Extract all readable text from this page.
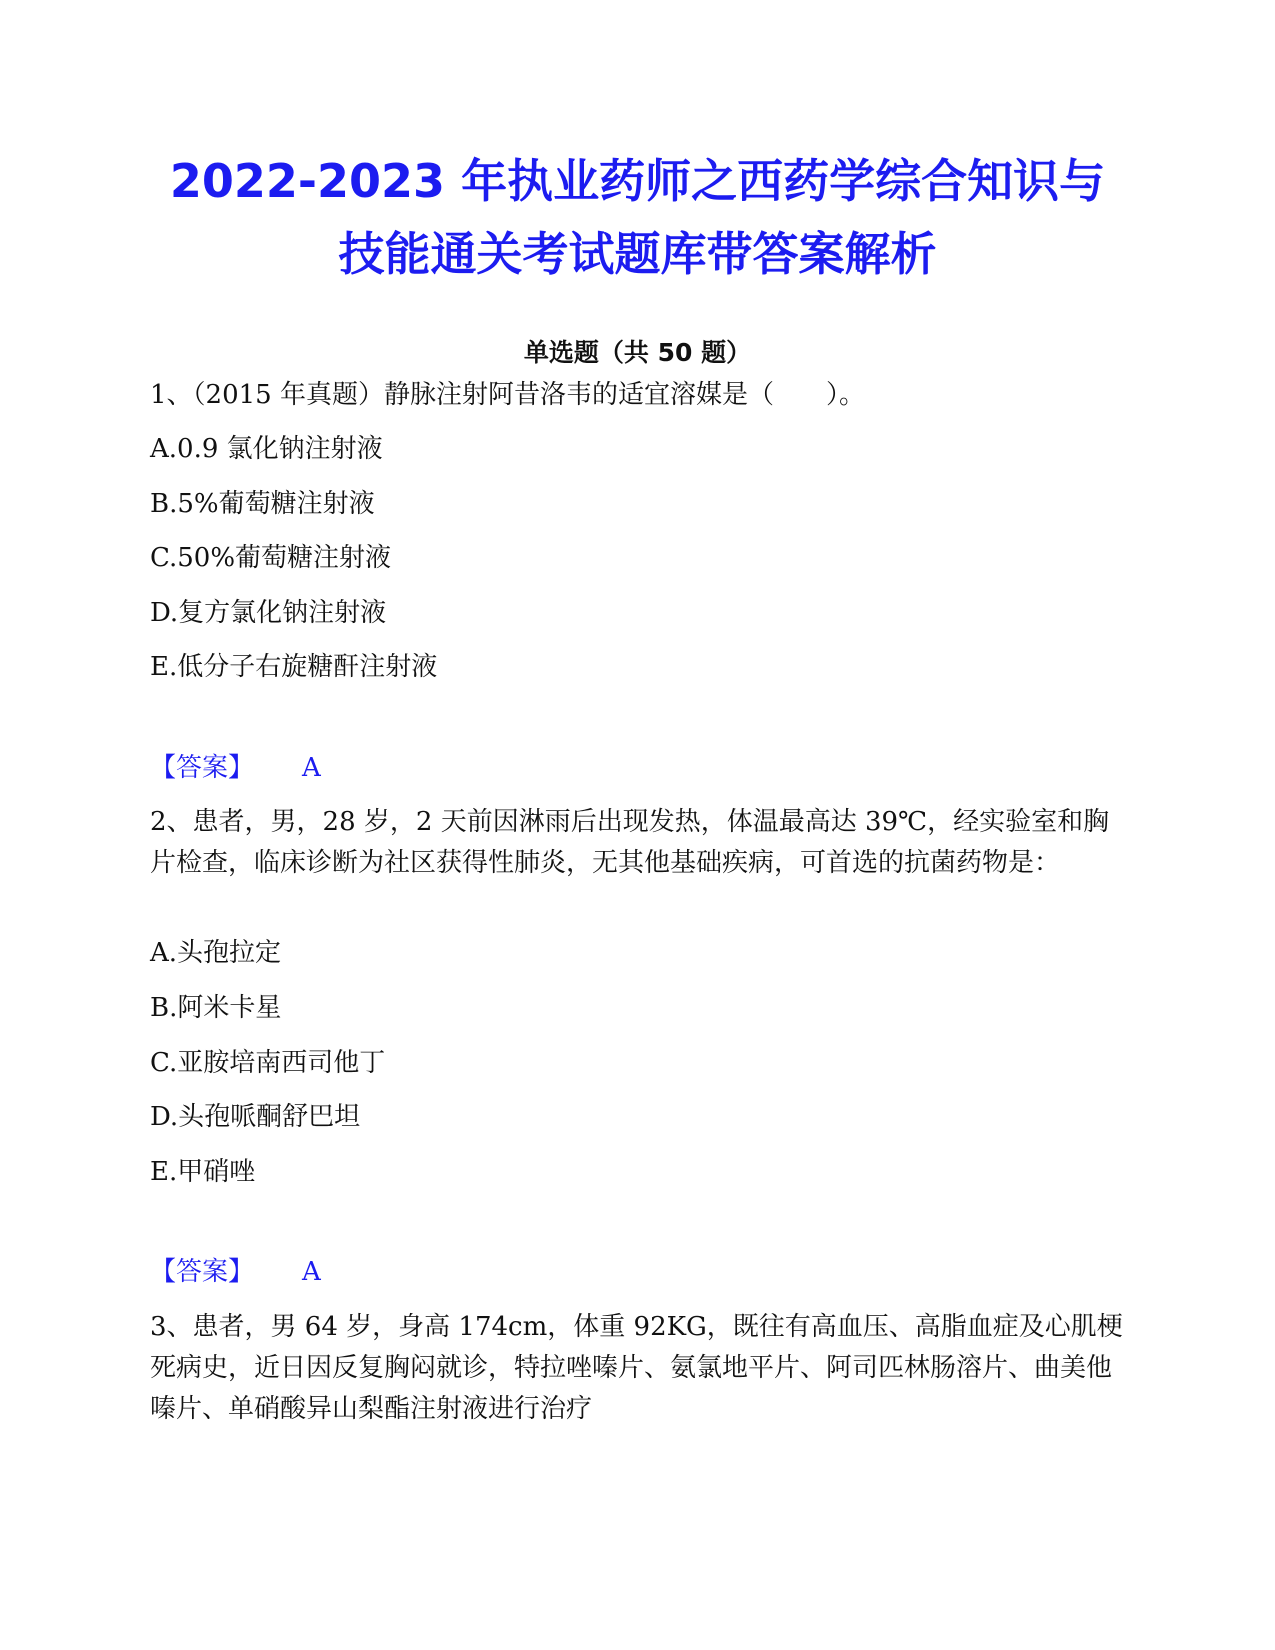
2022-2023 年执业药师之西药学综合知识与
技能通关考试题库带答案解析
单选题（共 50 题）

1、（2015 年真题）静脉注射阿昔洛韦的适宜溶媒是（　　）。

A.0.9 氯化钠注射液

B.5%葡萄糖注射液

C.50%葡萄糖注射液

D.复方氯化钠注射液

E.低分子右旋糖酐注射液

【答案】 A

2、患者，男，28 岁，2 天前因淋雨后出现发热，体温最高达 39℃，经实验室和胸片检查，临床诊断为社区获得性肺炎，无其他基础疾病，可首选的抗菌药物是：

A.头孢拉定

B.阿米卡星

C.亚胺培南西司他丁

D.头孢哌酮舒巴坦

E.甲硝唑

【答案】 A

3、患者，男 64 岁，身高 174cm，体重 92KG，既往有高血压、高脂血症及心肌梗死病史，近日因反复胸闷就诊，特拉唑嗪片、氨氯地平片、阿司匹林肠溶片、曲美他嗪片、单硝酸异山梨酯注射液进行治疗
